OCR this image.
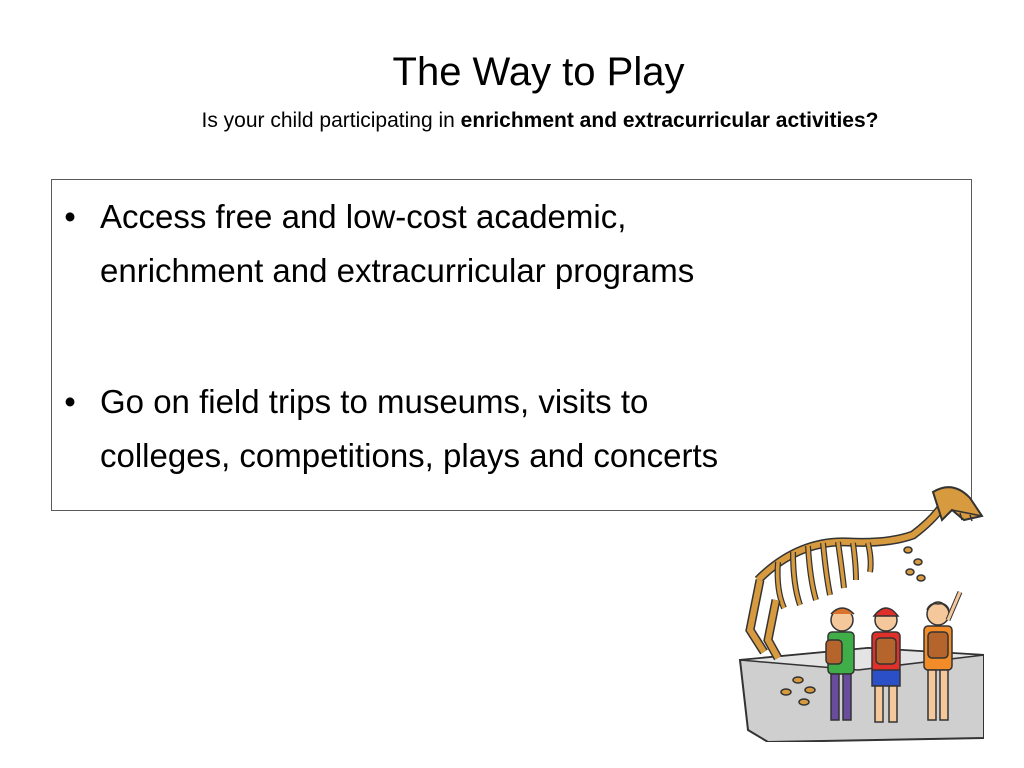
The Way to Play
Is your child participating in enrichment and extracurricular activities?
• Access free and low-cost academic,
enrichment and extracurricular programs
• Go on field trips to museums, visits to
colleges, competitions, plays and concerts
